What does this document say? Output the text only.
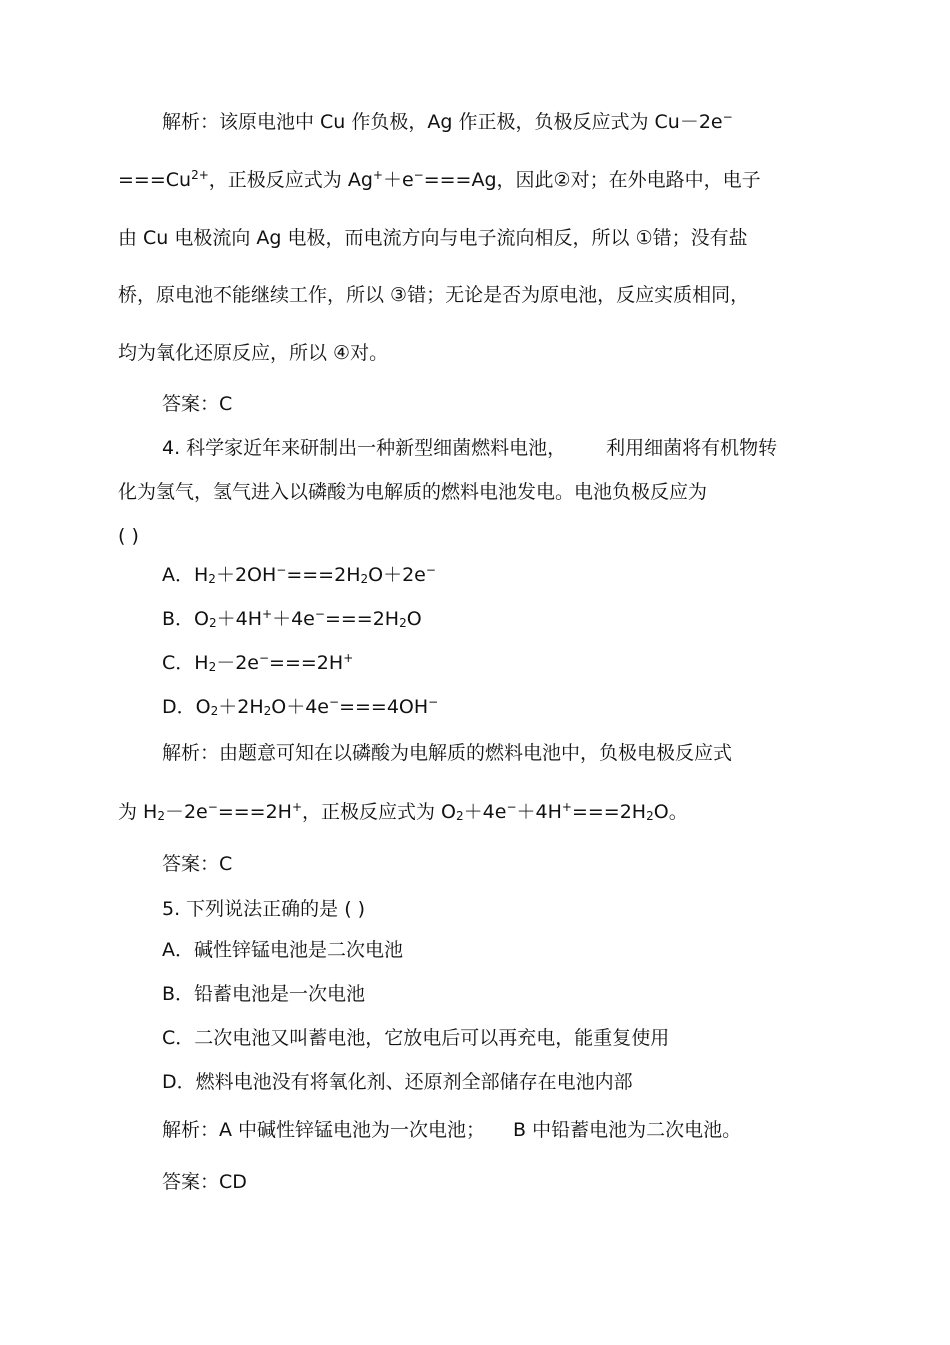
解析：该原电池中 Cu 作负极，Ag 作正极，负极反应式为 Cu－2e−
$===Cu^{2+}$，正极反应式为 Ag+＋e−===Ag，因此②对；在外电路中，电子
由 Cu 电极流向 Ag 电极，而电流方向与电子流向相反，所以 ①错；没有盐
桥，原电池不能继续工作，所以 ③错；无论是否为原电池，反应实质相同，
均为氧化还原反应，所以 ④对。
答案：C
4. 科学家近年来研制出一种新型细菌燃料电池， 利用细菌将有机物转
化为氢气，氢气进入以磷酸为电解质的燃料电池发电。电池负极反应为
( )
A．$H_2+2OH^-===2H_2O+2e^-$
B．$O_2+4H^++4e^-===2H_2O$
C．$H_2-2e^-===2H^+$
D．$O_2+2H_2O+4e^-===4OH^-$
解析：由题意可知在以磷酸为电解质的燃料电池中，负极电极反应式
为 $H_2-2e^-===2H^+$，正极反应式为 $O_2+4e^-+4H^+===2H_2O$。
答案：C
5. 下列说法正确的是 ( )
A．碱性锌锰电池是二次电池
B．铅蓄电池是一次电池
C．二次电池又叫蓄电池，它放电后可以再充电，能重复使用
D．燃料电池没有将氧化剂、还原剂全部储存在电池内部
解析：A 中碱性锌锰电池为一次电池； B 中铅蓄电池为二次电池。
答案：CD
